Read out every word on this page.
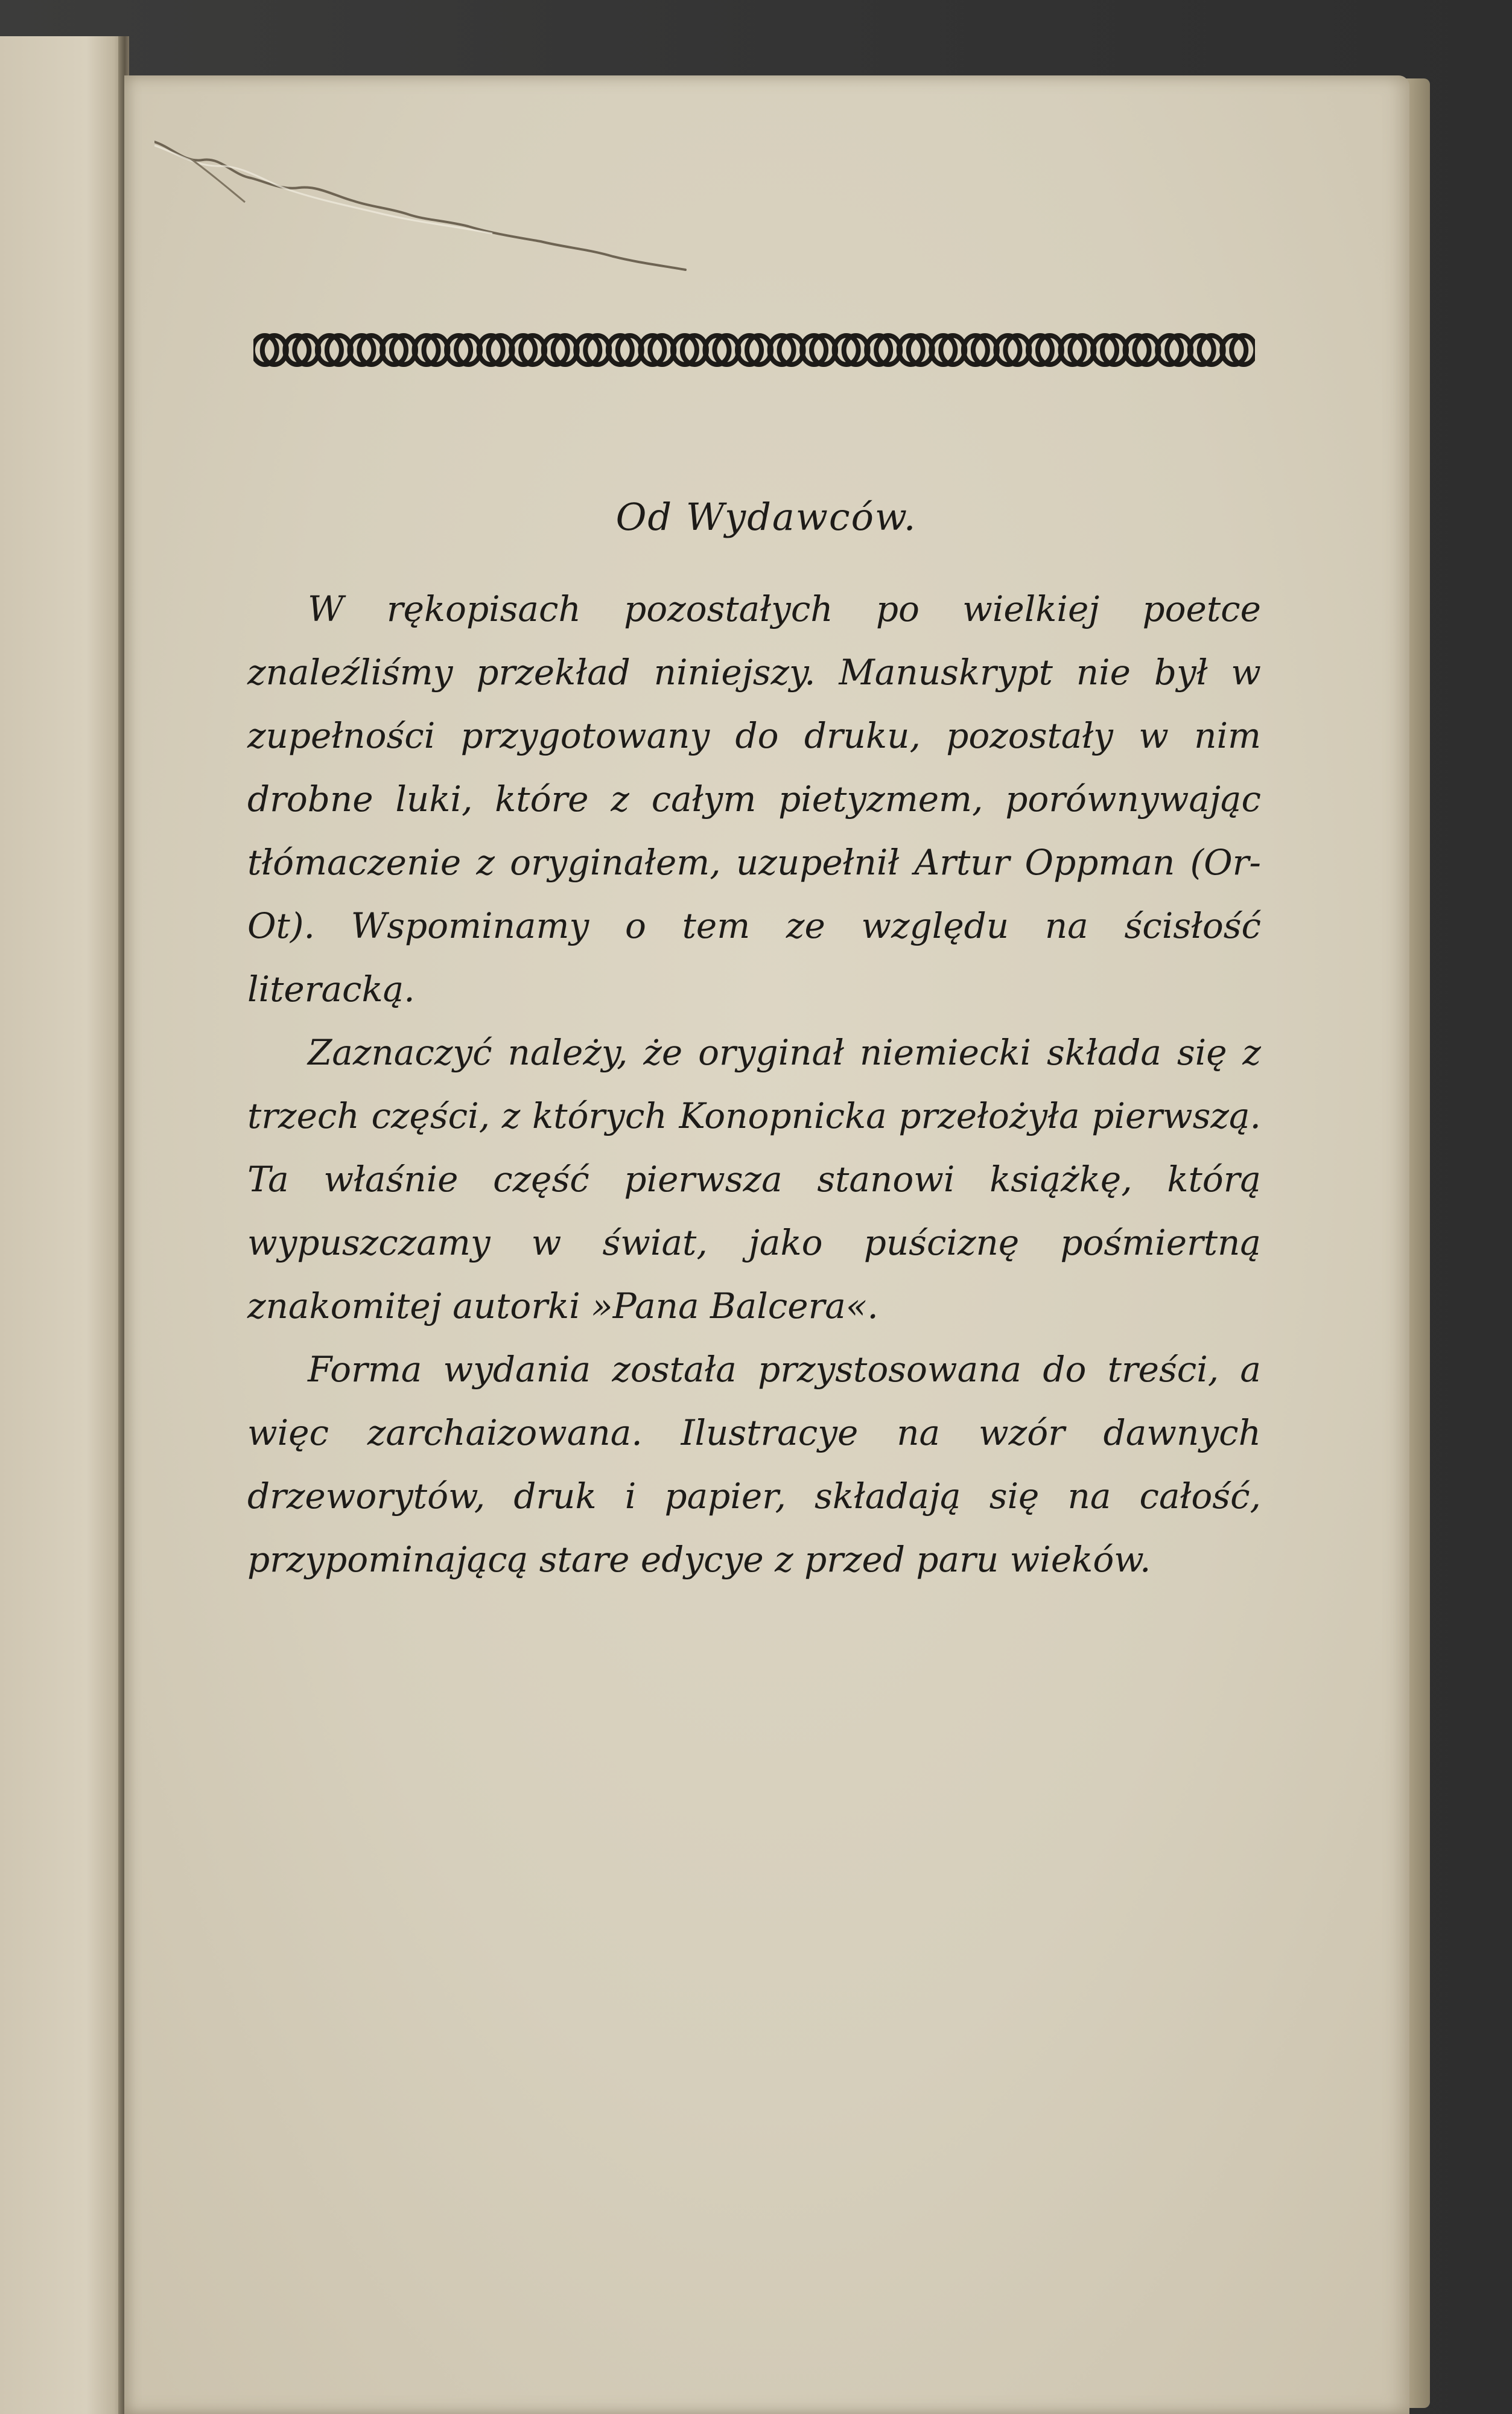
Od Wydawców.

W rękopisach pozostałych po wielkiej poetce znaleźliśmy przekład niniejszy. Manuskrypt nie był w zupełności przygotowany do druku, pozostały w nim drobne luki, które z całym pietyzmem, porównywając tłómaczenie z oryginałem, uzupełnił Artur Oppman (Or-Ot). Wspominamy o tem ze względu na ścisłość literacką.

Zaznaczyć należy, że oryginał niemiecki składa się z trzech części, z których Konopnicka przełożyła pierwszą. Ta właśnie część pierwsza stanowi książkę, którą wypuszczamy w świat, jako puściznę pośmiertną znakomitej autorki »Pana Balcera«.

Forma wydania została przystosowana do treści, a więc zarchaizowana. Ilustracye na wzór dawnych drzeworytów, druk i papier, składają się na całość, przypominającą stare edycye z przed paru wieków.
